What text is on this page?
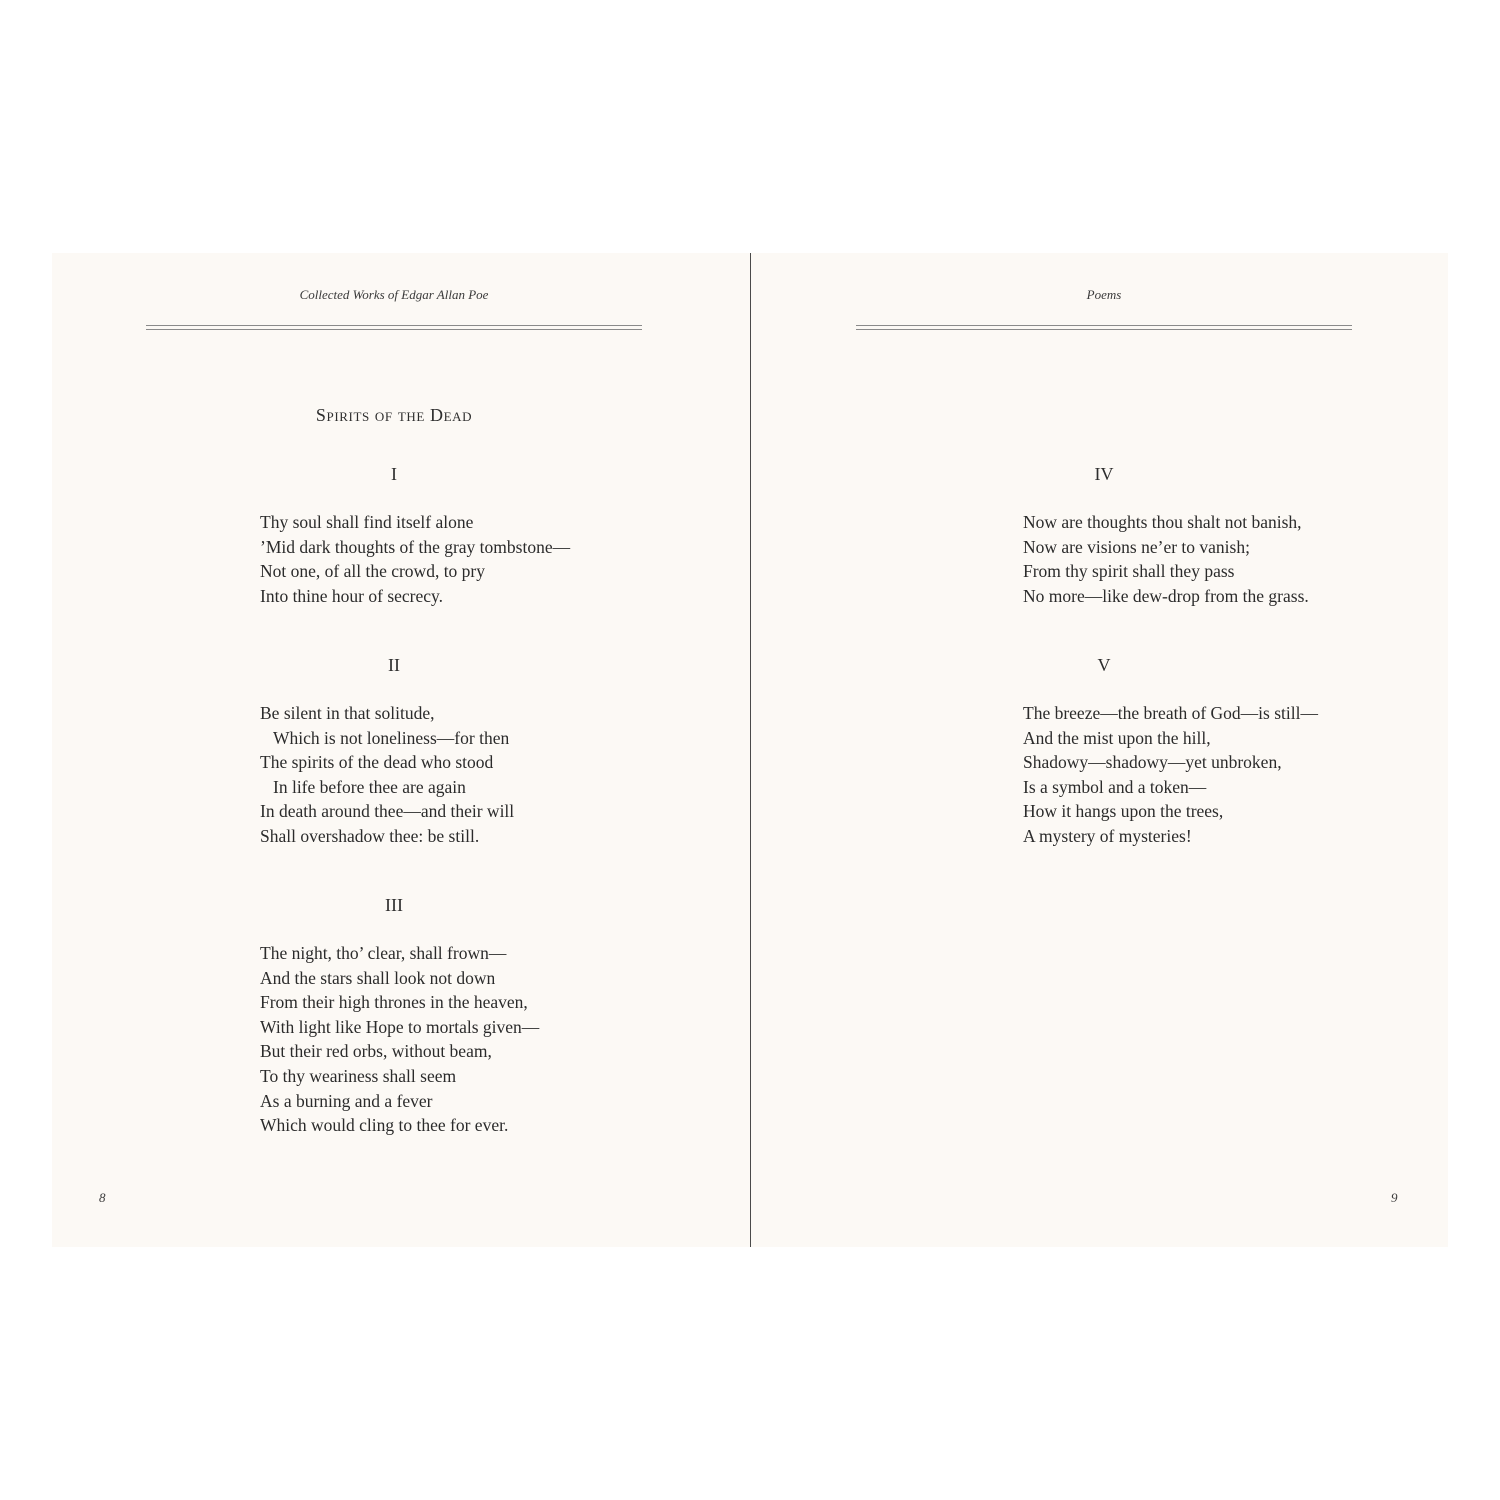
Collected Works of Edgar Allan Poe
Spirits of the Dead
I
Thy soul shall find itself alone
’Mid dark thoughts of the gray tombstone—
Not one, of all the crowd, to pry
Into thine hour of secrecy.
II
Be silent in that solitude,
Which is not loneliness—for then
The spirits of the dead who stood
In life before thee are again
In death around thee—and their will
Shall overshadow thee: be still.
III
The night, tho’ clear, shall frown—
And the stars shall look not down
From their high thrones in the heaven,
With light like Hope to mortals given—
But their red orbs, without beam,
To thy weariness shall seem
As a burning and a fever
Which would cling to thee for ever.
8
Poems
IV
Now are thoughts thou shalt not banish,
Now are visions ne’er to vanish;
From thy spirit shall they pass
No more—like dew-drop from the grass.
V
The breeze—the breath of God—is still—
And the mist upon the hill,
Shadowy—shadowy—yet unbroken,
Is a symbol and a token—
How it hangs upon the trees,
A mystery of mysteries!
9
